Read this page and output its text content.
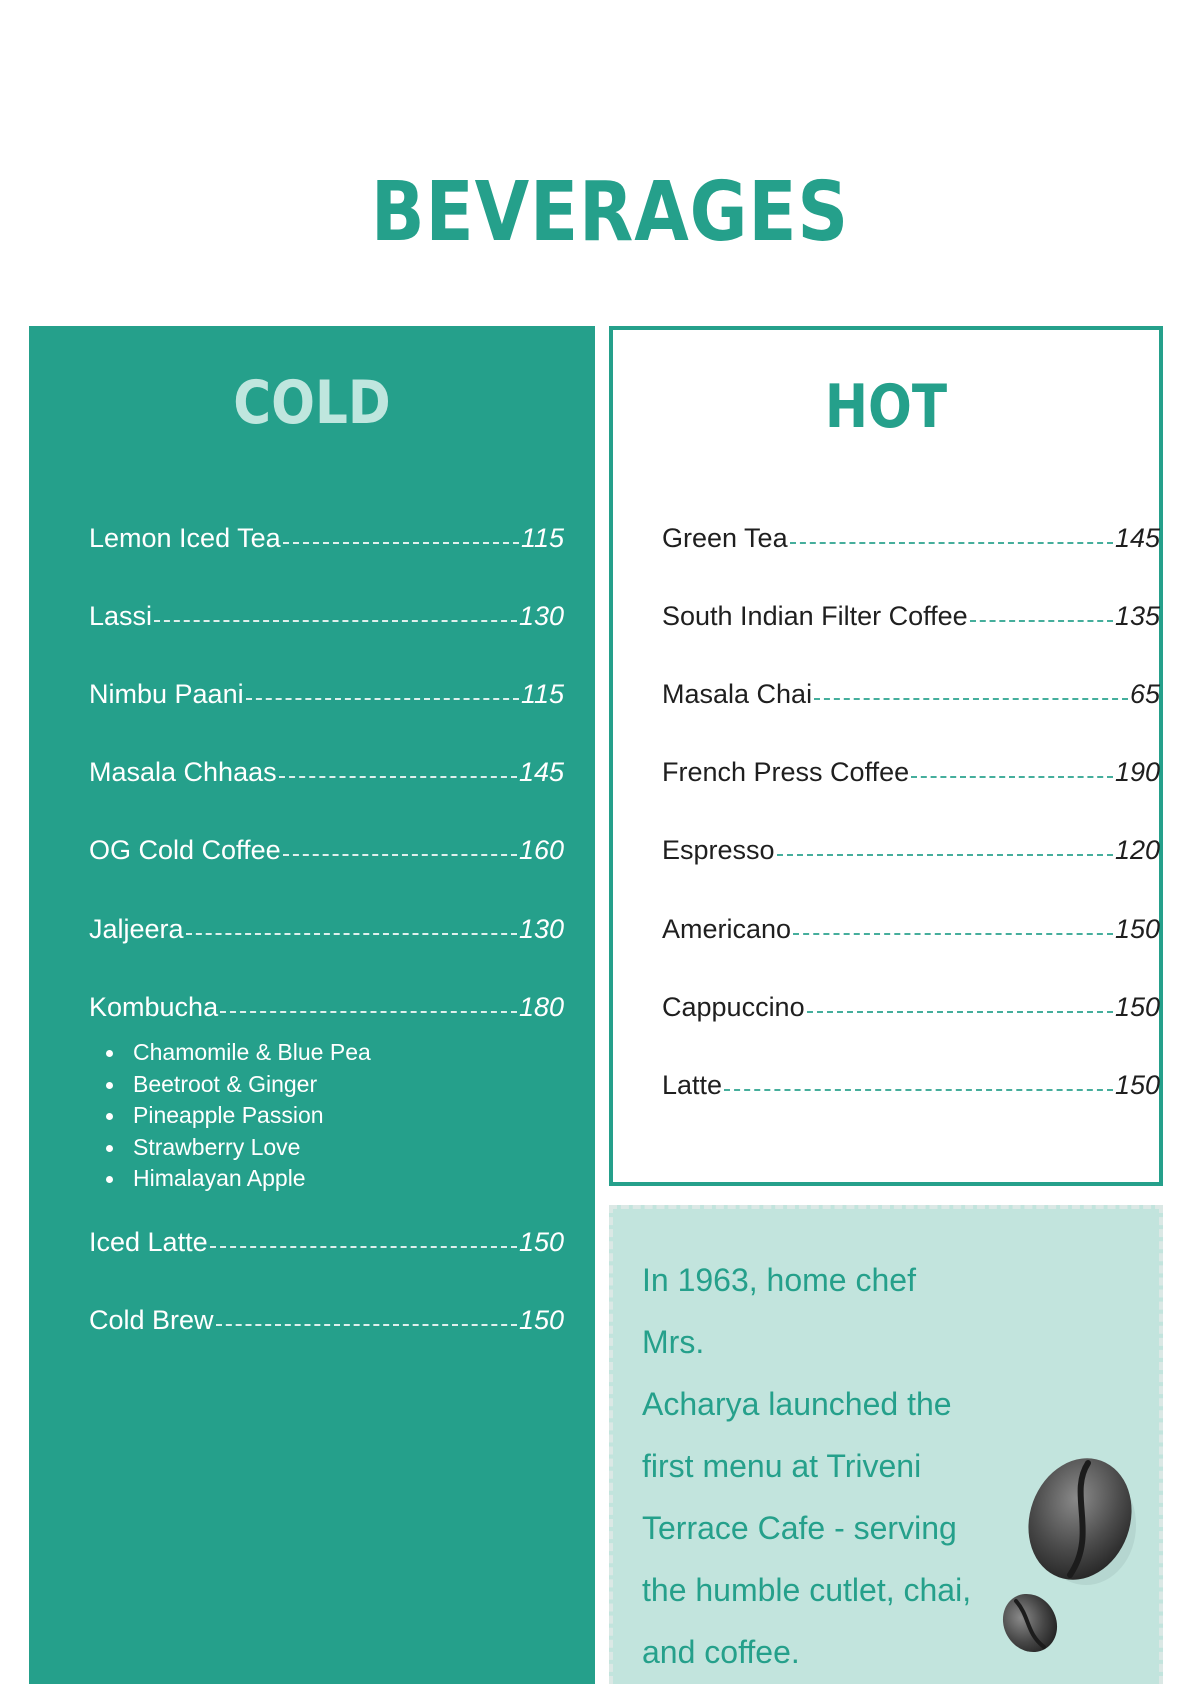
BEVERAGES
COLD
Lemon Iced Tea	115
Lassi	130
Nimbu Paani	115
Masala Chhaas	145
OG Cold Coffee	160
Jaljeera	130
Kombucha	180
Chamomile & Blue Pea
Beetroot & Ginger
Pineapple Passion
Strawberry Love
Himalayan Apple
Iced Latte	150
Cold Brew	150
HOT
Green Tea	145
South Indian Filter Coffee	135
Masala Chai	65
French Press Coffee	190
Espresso	120
Americano	150
Cappuccino	150
Latte	150
In 1963, home chef Mrs.
Acharya launched the
first menu at Triveni
Terrace Cafe - serving
the humble cutlet, chai,
and coffee.
